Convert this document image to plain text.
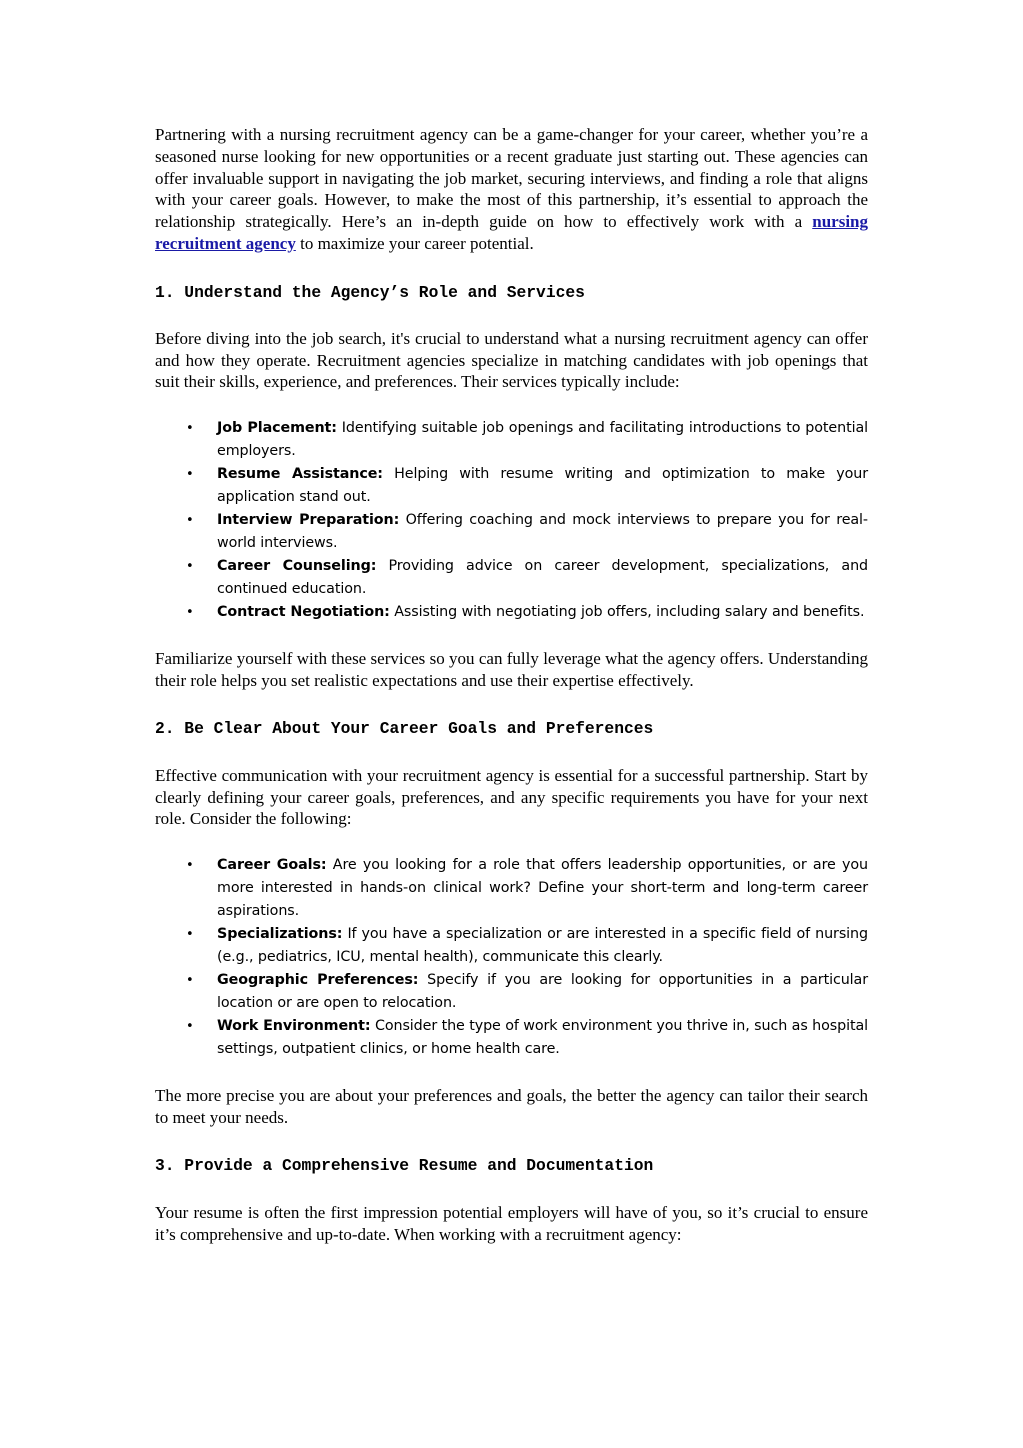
Partnering with a nursing recruitment agency can be a game-changer for your career, whether you’re a seasoned nurse looking for new opportunities or a recent graduate just starting out. These agencies can offer invaluable support in navigating the job market, securing interviews, and finding a role that aligns with your career goals. However, to make the most of this partnership, it’s essential to approach the relationship strategically. Here’s an in-depth guide on how to effectively work with a nursing recruitment agency to maximize your career potential.

1. Understand the Agency’s Role and Services

Before diving into the job search, it's crucial to understand what a nursing recruitment agency can offer and how they operate. Recruitment agencies specialize in matching candidates with job openings that suit their skills, experience, and preferences. Their services typically include:

• Job Placement: Identifying suitable job openings and facilitating introductions to potential employers.
• Resume Assistance: Helping with resume writing and optimization to make your application stand out.
• Interview Preparation: Offering coaching and mock interviews to prepare you for real-world interviews.
• Career Counseling: Providing advice on career development, specializations, and continued education.
• Contract Negotiation: Assisting with negotiating job offers, including salary and benefits.

Familiarize yourself with these services so you can fully leverage what the agency offers. Understanding their role helps you set realistic expectations and use their expertise effectively.

2. Be Clear About Your Career Goals and Preferences

Effective communication with your recruitment agency is essential for a successful partnership. Start by clearly defining your career goals, preferences, and any specific requirements you have for your next role. Consider the following:

• Career Goals: Are you looking for a role that offers leadership opportunities, or are you more interested in hands-on clinical work? Define your short-term and long-term career aspirations.
• Specializations: If you have a specialization or are interested in a specific field of nursing (e.g., pediatrics, ICU, mental health), communicate this clearly.
• Geographic Preferences: Specify if you are looking for opportunities in a particular location or are open to relocation.
• Work Environment: Consider the type of work environment you thrive in, such as hospital settings, outpatient clinics, or home health care.

The more precise you are about your preferences and goals, the better the agency can tailor their search to meet your needs.

3. Provide a Comprehensive Resume and Documentation

Your resume is often the first impression potential employers will have of you, so it’s crucial to ensure it’s comprehensive and up-to-date. When working with a recruitment agency:
